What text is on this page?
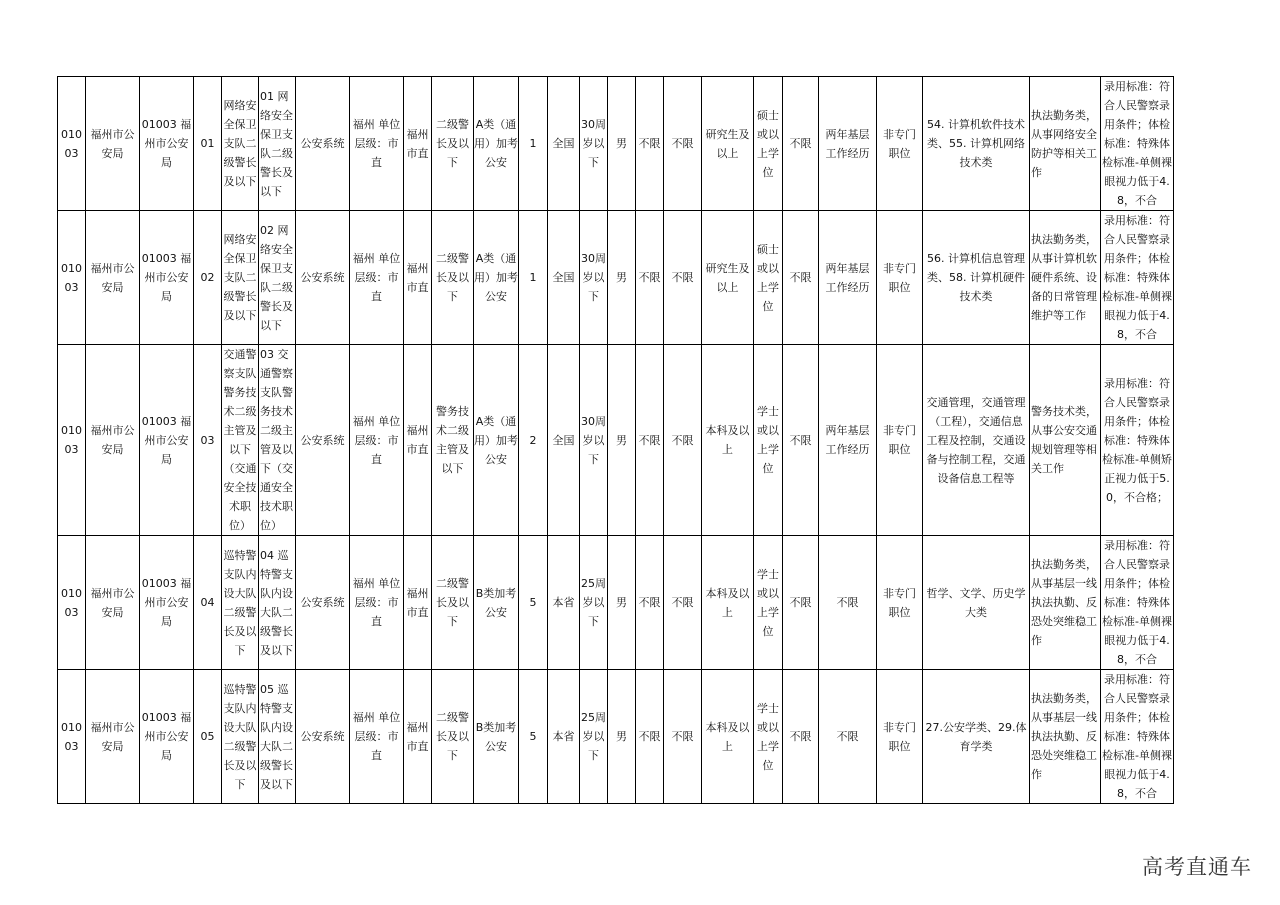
01003	福州市公安局	01003 福州市公安局	01	网络安全保卫支队二级警长及以下	01 网络安全保卫支队二级警长及以下	公安系统	福州 单位层级：市直	福州市直	二级警长及以下	A类（通用）加考公安	1	全国	30周岁以下	男	不限	不限	研究生及以上	硕士或以上学位	不限	两年基层工作经历	非专门职位	54. 计算机软件技术类、55. 计算机网络技术类	执法勤务类，从事网络安全防护等相关工作	录用标准：符合人民警察录用条件；体检标准：特殊体检标准-单侧裸眼视力低于4.8，不合
01003	福州市公安局	01003 福州市公安局	02	网络安全保卫支队二级警长及以下	02 网络安全保卫支队二级警长及以下	公安系统	福州 单位层级：市直	福州市直	二级警长及以下	A类（通用）加考公安	1	全国	30周岁以下	男	不限	不限	研究生及以上	硕士或以上学位	不限	两年基层工作经历	非专门职位	56. 计算机信息管理类、58. 计算机硬件技术类	执法勤务类，从事计算机软硬件系统、设备的日常管理维护等工作	录用标准：符合人民警察录用条件；体检标准：特殊体检标准-单侧裸眼视力低于4.8，不合
01003	福州市公安局	01003 福州市公安局	03	交通警察支队警务技术二级主管及以下（交通安全技术职位）	03 交通警察支队警务技术二级主管及以下（交通安全技术职位）	公安系统	福州 单位层级：市直	福州市直	警务技术二级主管及以下	A类（通用）加考公安	2	全国	30周岁以下	男	不限	不限	本科及以上	学士或以上学位	不限	两年基层工作经历	非专门职位	交通管理，交通管理（工程），交通信息工程及控制，交通设备与控制工程，交通设备信息工程等	警务技术类，从事公安交通规划管理等相关工作	录用标准：符合人民警察录用条件；体检标准：特殊体检标准-单侧矫正视力低于5.0，不合格；
01003	福州市公安局	01003 福州市公安局	04	巡特警支队内设大队二级警长及以下	04 巡特警支队内设大队二级警长及以下	公安系统	福州 单位层级：市直	福州市直	二级警长及以下	B类加考公安	5	本省	25周岁以下	男	不限	不限	本科及以上	学士或以上学位	不限	不限	非专门职位	哲学、文学、历史学大类	执法勤务类，从事基层一线执法执勤、反恐处突维稳工作	录用标准：符合人民警察录用条件；体检标准：特殊体检标准-单侧裸眼视力低于4.8，不合
01003	福州市公安局	01003 福州市公安局	05	巡特警支队内设大队二级警长及以下	05 巡特警支队内设大队二级警长及以下	公安系统	福州 单位层级：市直	福州市直	二级警长及以下	B类加考公安	5	本省	25周岁以下	男	不限	不限	本科及以上	学士或以上学位	不限	不限	非专门职位	27.公安学类、29.体育学类	执法勤务类，从事基层一线执法执勤、反恐处突维稳工作	录用标准：符合人民警察录用条件；体检标准：特殊体检标准-单侧裸眼视力低于4.8，不合
高考直通车
